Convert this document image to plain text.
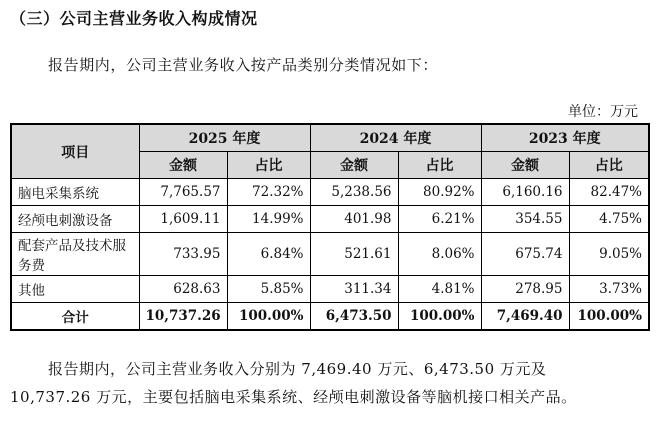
（三）公司主营业务收入构成情况
报告期内，公司主营业务收入按产品类别分类情况如下：
单位：万元
项目	2025 年度		2024 年度		2023 年度	
	金额	占比	金额	占比	金额	占比
脑电采集系统	7,765.57	72.32%	5,238.56	80.92%	6,160.16	82.47%
经颅电刺激设备	1,609.11	14.99%	401.98	6.21%	354.55	4.75%
配套产品及技术服务费	733.95	6.84%	521.61	8.06%	675.74	9.05%
其他	628.63	5.85%	311.34	4.81%	278.95	3.73%
合计	10,737.26	100.00%	6,473.50	100.00%	7,469.40	100.00%
报告期内，公司主营业务收入分别为 7,469.40 万元、6,473.50 万元及
10,737.26 万元，主要包括脑电采集系统、经颅电刺激设备等脑机接口相关产品。
